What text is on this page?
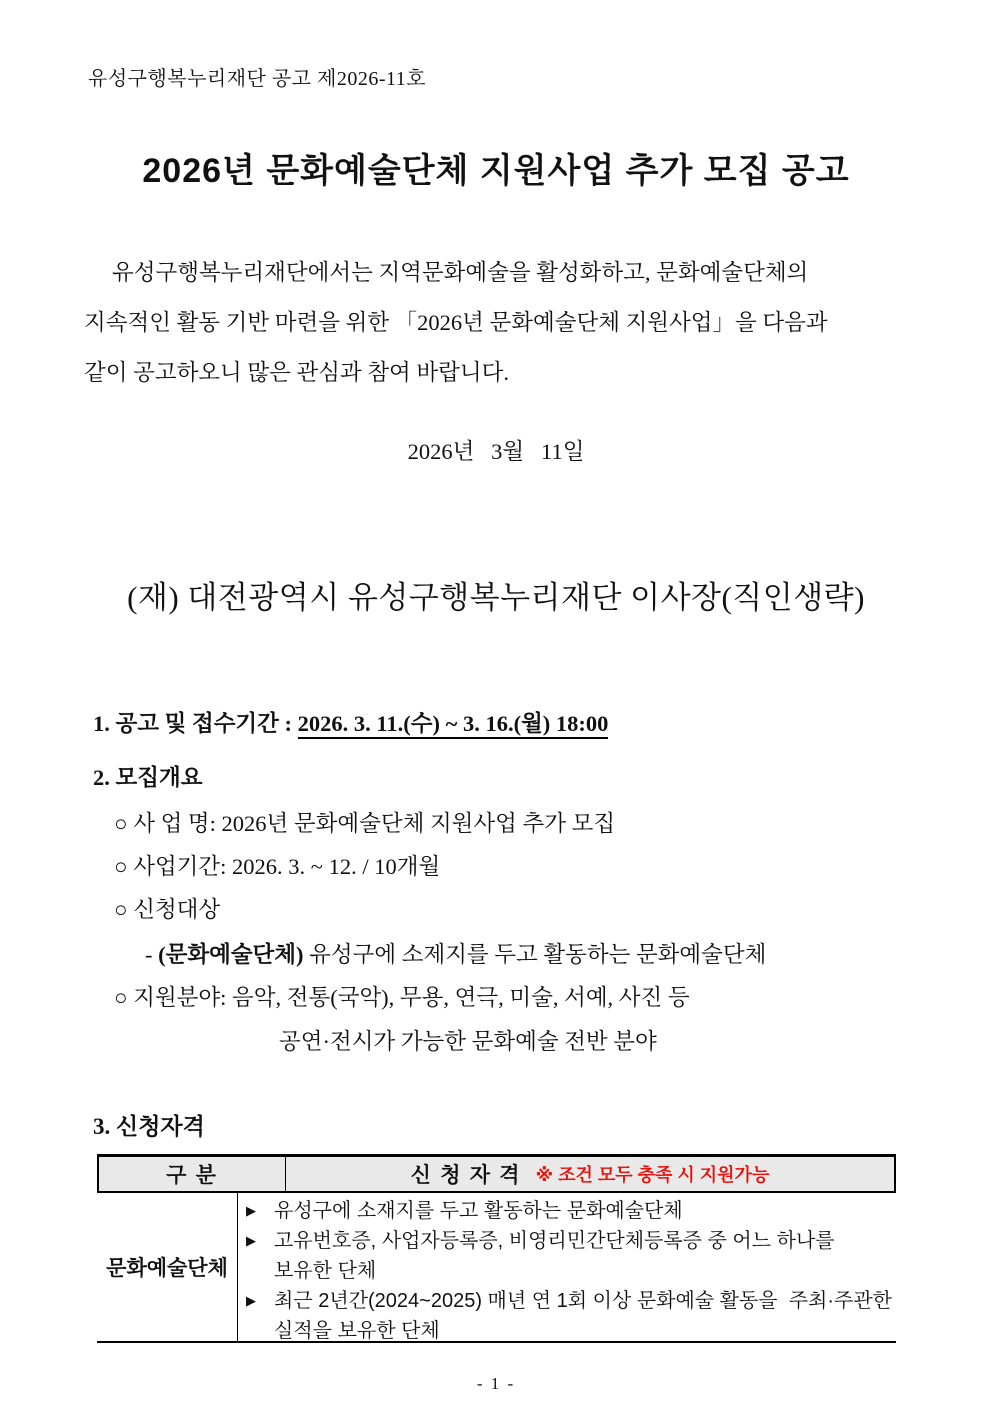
유성구행복누리재단 공고 제2026-11호
2026년 문화예술단체 지원사업 추가 모집 공고
유성구행복누리재단에서는 지역문화예술을 활성화하고, 문화예술단체의
지속적인 활동 기반 마련을 위한 「2026년 문화예술단체 지원사업」을 다음과
같이 공고하오니 많은 관심과 참여 바랍니다.
2026년   3월   11일
(재) 대전광역시 유성구행복누리재단 이사장(직인생략)
1. 공고 및 접수기간 : 2026. 3. 11.(수) ~ 3. 16.(월) 18:00
2. 모집개요
○ 사 업 명: 2026년 문화예술단체 지원사업 추가 모집
○ 사업기간: 2026. 3. ~ 12. / 10개월
○ 신청대상
- (문화예술단체) 유성구에 소제지를 두고 활동하는 문화예술단체
○ 지원분야: 음악, 전통(국악), 무용, 연극, 미술, 서예, 사진 등
공연·전시가 가능한 문화예술 전반 분야
3. 신청자격
구 분	신 청 자 격 ※ 조건 모두 충족 시 지원가능
문화예술단체
▶ 유성구에 소재지를 두고 활동하는 문화예술단체
▶ 고유번호증, 사업자등록증, 비영리민간단체등록증 중 어느 하나를
보유한 단체
▶ 최근 2년간(2024~2025) 매년 연 1회 이상 문화예술 활동을  주최·주관한
실적을 보유한 단체
- 1 -
